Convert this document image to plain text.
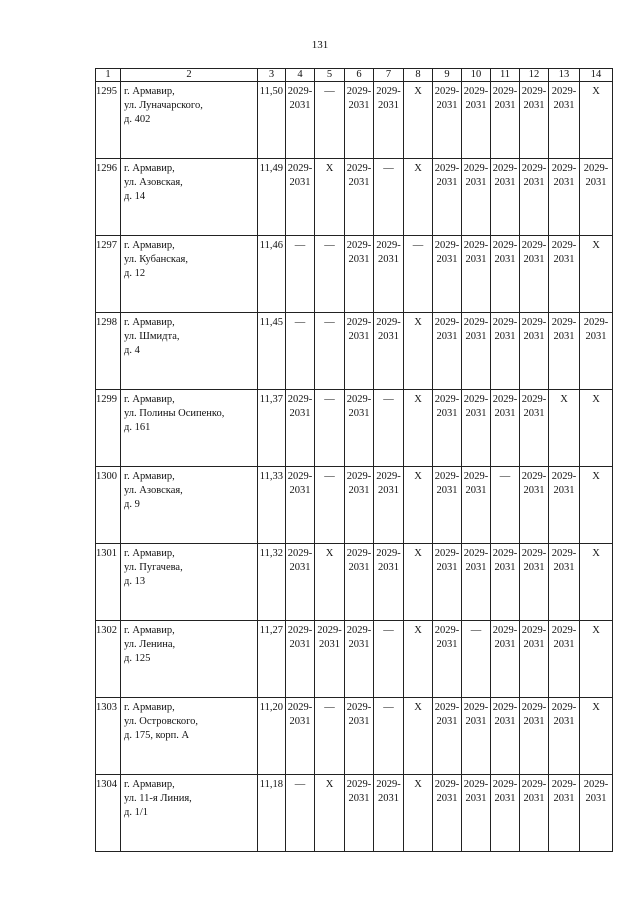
131
1	2	3	4	5	6	7	8	9	10	11	12	13	14
1295	г. Армавир,
ул. Луначарского,
д. 402	11,50	2029-
2031	—	2029-
2031	2029-
2031	Х	2029-
2031	2029-
2031	2029-
2031	2029-
2031	2029-
2031	Х

1296	г. Армавир,
ул. Азовская,
д. 14	11,49	2029-
2031	Х	2029-
2031	—	Х	2029-
2031	2029-
2031	2029-
2031	2029-
2031	2029-
2031	2029-
2031

1297	г. Армавир,
ул. Кубанская,
д. 12	11,46	—	—	2029-
2031	2029-
2031	—	2029-
2031	2029-
2031	2029-
2031	2029-
2031	2029-
2031	Х

1298	г. Армавир,
ул. Шмидта,
д. 4	11,45	—	—	2029-
2031	2029-
2031	Х	2029-
2031	2029-
2031	2029-
2031	2029-
2031	2029-
2031	2029-
2031

1299	г. Армавир,
ул. Полины Осипенко,
д. 161	11,37	2029-
2031	—	2029-
2031	—	Х	2029-
2031	2029-
2031	2029-
2031	2029-
2031	Х	Х

1300	г. Армавир,
ул. Азовская,
д. 9	11,33	2029-
2031	—	2029-
2031	2029-
2031	Х	2029-
2031	2029-
2031	—	2029-
2031	2029-
2031	Х

1301	г. Армавир,
ул. Пугачева,
д. 13	11,32	2029-
2031	Х	2029-
2031	2029-
2031	Х	2029-
2031	2029-
2031	2029-
2031	2029-
2031	2029-
2031	Х

1302	г. Армавир,
ул. Ленина,
д. 125	11,27	2029-
2031	2029-
2031	2029-
2031	—	Х	2029-
2031	—	2029-
2031	2029-
2031	2029-
2031	Х

1303	г. Армавир,
ул. Островского,
д. 175, корп. А	11,20	2029-
2031	—	2029-
2031	—	Х	2029-
2031	2029-
2031	2029-
2031	2029-
2031	2029-
2031	Х

1304	г. Армавир,
ул. 11-я Линия,
д. 1/1	11,18	—	Х	2029-
2031	2029-
2031	Х	2029-
2031	2029-
2031	2029-
2031	2029-
2031	2029-
2031	2029-
2031
